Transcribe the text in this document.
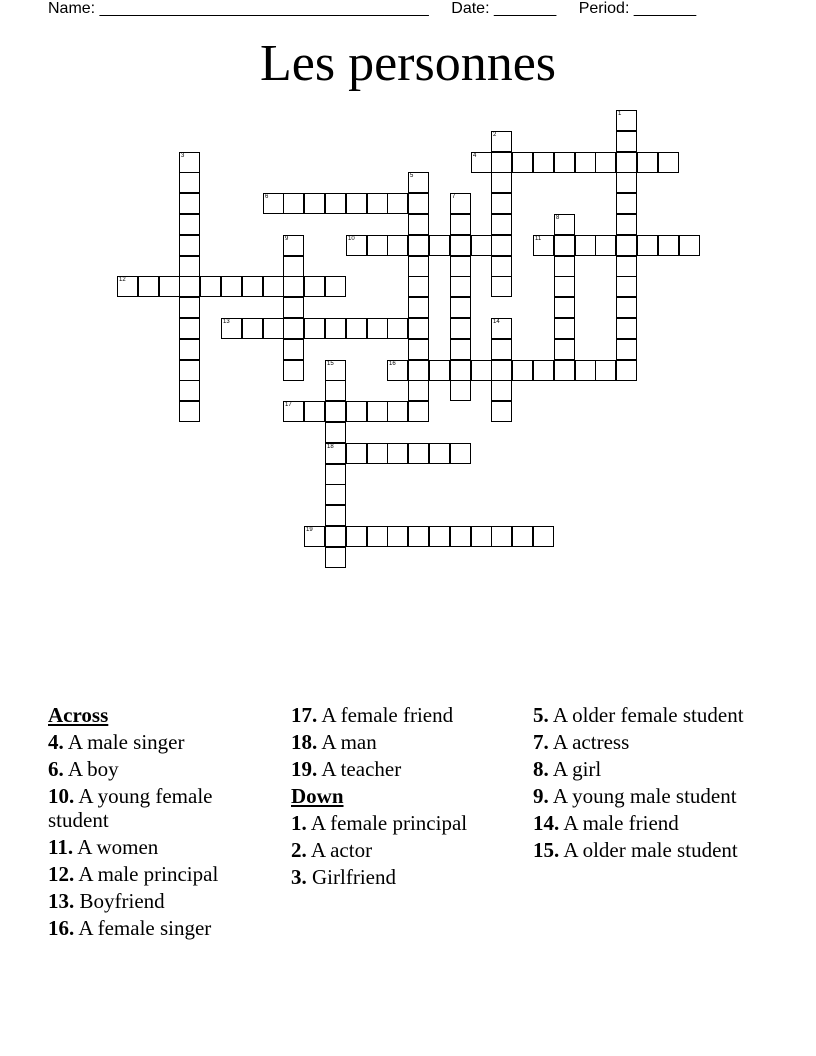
Name: _____________________________________ Date: _______ Period: _______
Les personnes
1
2
3	4
5
6	7
8
9	10	11
12
13	14
15
18
16
17
19
Across
4. A male singer
6. A boy
10. A young female student
11. A women
12. A male principal
13. Boyfriend
16. A female singer
17. A female friend
18. A man
19. A teacher
Down
1. A female principal
2. A actor
3. Girlfriend
5. A older female student
7. A actress
8. A girl
9. A young male student
14. A male friend
15. A older male student
